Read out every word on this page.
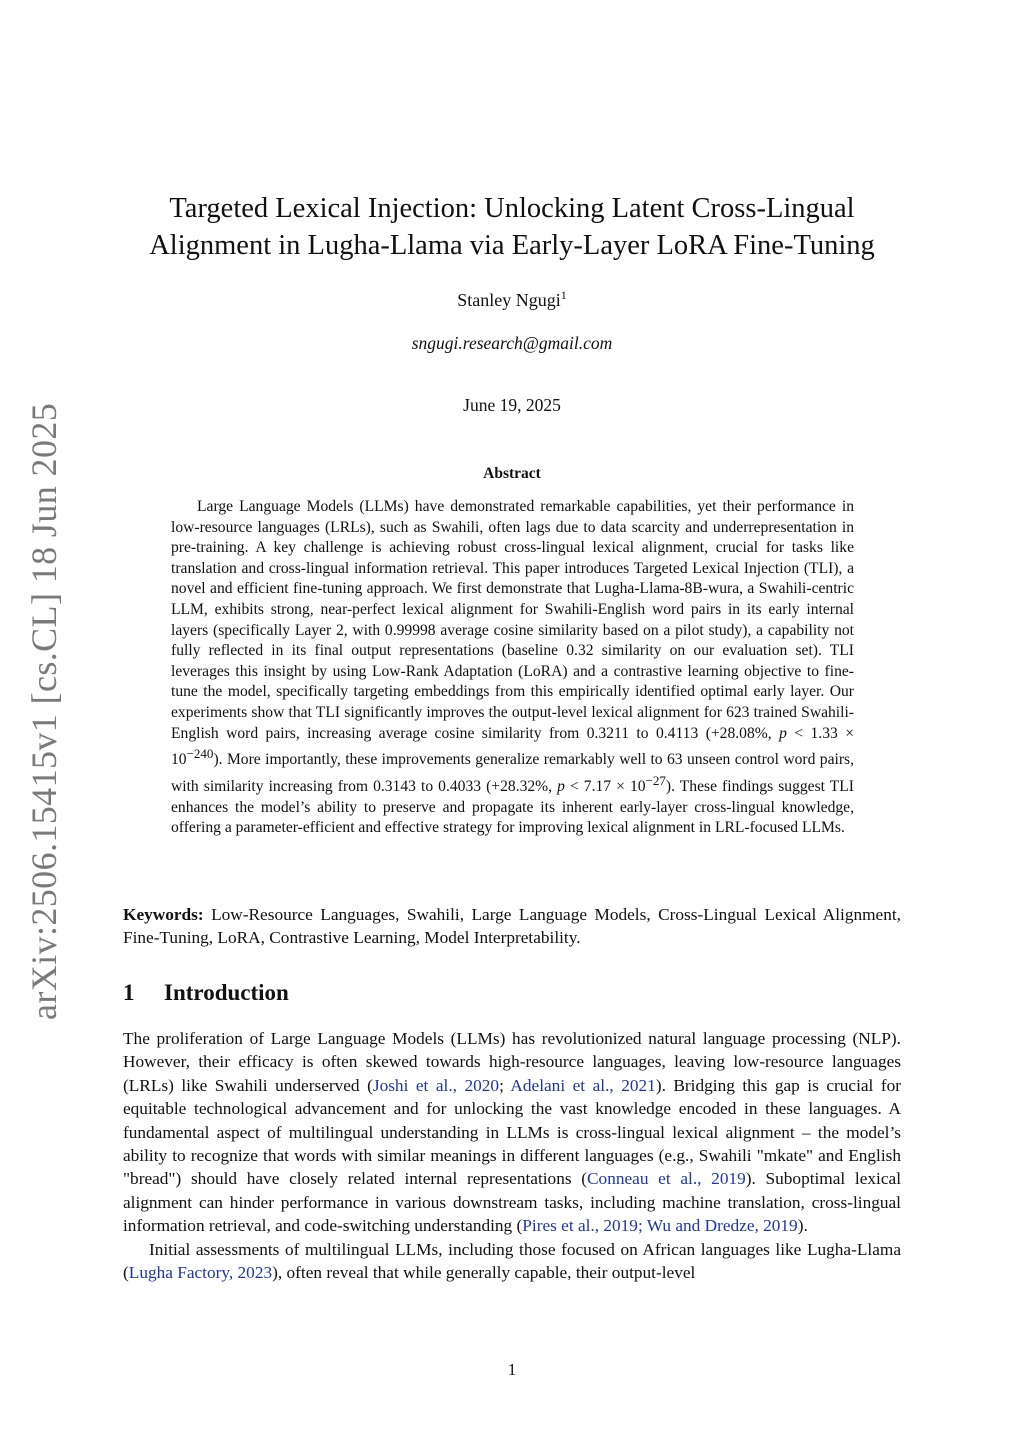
arXiv:2506.15415v1 [cs.CL] 18 Jun 2025
Targeted Lexical Injection: Unlocking Latent Cross-Lingual
Alignment in Lugha-Llama via Early-Layer LoRA Fine-Tuning
Stanley Ngugi$^1$
sngugi.research@gmail.com
June 19, 2025
Abstract

Large Language Models (LLMs) have demonstrated remarkable capabilities, yet their performance in low-resource languages (LRLs), such as Swahili, often lags due to data scarcity and underrepresentation in pre-training. A key challenge is achieving robust cross-lingual lexical alignment, crucial for tasks like translation and cross-lingual information retrieval. This paper introduces Targeted Lexical Injection (TLI), a novel and efficient fine-tuning approach. We first demonstrate that Lugha-Llama-8B-wura, a Swahili-centric LLM, exhibits strong, near-perfect lexical alignment for Swahili-English word pairs in its early internal layers (specifically Layer 2, with 0.99998 average cosine similarity based on a pilot study), a capability not fully reflected in its final output representations (baseline 0.32 similarity on our evaluation set). TLI leverages this insight by using Low-Rank Adaptation (LoRA) and a contrastive learning objective to fine-tune the model, specifically targeting embeddings from this empirically identified optimal early layer. Our experiments show that TLI significantly improves the output-level lexical alignment for 623 trained Swahili-English word pairs, increasing average cosine similarity from 0.3211 to 0.4113 (+28.08%, $p < 1.33 \times 10^{-240}$). More importantly, these improvements generalize remarkably well to 63 unseen control word pairs, with similarity increasing from 0.3143 to 0.4033 (+28.32%, $p < 7.17 \times 10^{-27}$). These findings suggest TLI enhances the model’s ability to preserve and propagate its inherent early-layer cross-lingual knowledge, offering a parameter-efficient and effective strategy for improving lexical alignment in LRL-focused LLMs.

Keywords: Low-Resource Languages, Swahili, Large Language Models, Cross-Lingual Lexical Alignment, Fine-Tuning, LoRA, Contrastive Learning, Model Interpretability.

1 Introduction

The proliferation of Large Language Models (LLMs) has revolutionized natural language processing (NLP). However, their efficacy is often skewed towards high-resource languages, leaving low-resource languages (LRLs) like Swahili underserved (Joshi et al., 2020; Adelani et al., 2021). Bridging this gap is crucial for equitable technological advancement and for unlocking the vast knowledge encoded in these languages. A fundamental aspect of multilingual understanding in LLMs is cross-lingual lexical alignment – the model’s ability to recognize that words with similar meanings in different languages (e.g., Swahili "mkate" and English "bread") should have closely related internal representations (Conneau et al., 2019). Suboptimal lexical alignment can hinder performance in various downstream tasks, including machine translation, cross-lingual information retrieval, and code-switching understanding (Pires et al., 2019; Wu and Dredze, 2019).

Initial assessments of multilingual LLMs, including those focused on African languages like Lugha-Llama (Lugha Factory, 2023), often reveal that while generally capable, their output-level

1
